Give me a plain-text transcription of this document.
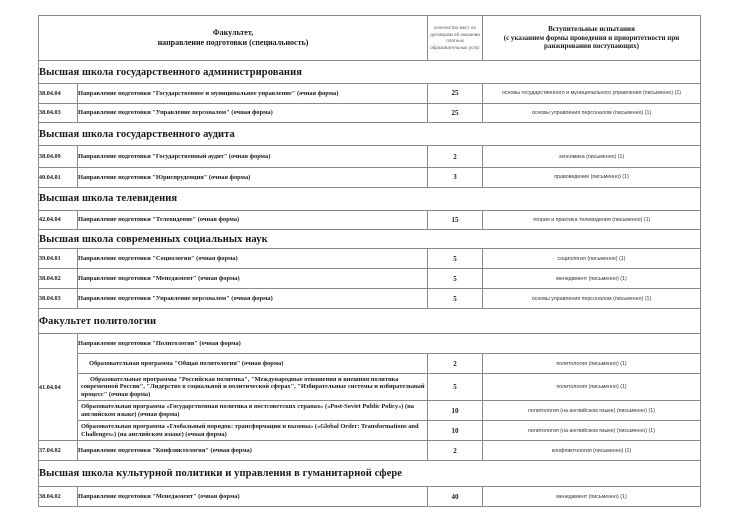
Факультет,
направление подготовки (специальность)		количество мест по договорам об оказании платных образовательных услуг	Вступительные испытания
(с указанием формы проведения и приоритетности при ранжировании поступающих)
Высшая школа государственного администрирования			
38.04.04	Направление подготовки "Государственное и муниципальное управление" (очная форма)	25	основы государственного и муниципального управления (письменно) (1)
38.04.03	Направление подготовки "Управление персоналом" (очная форма)	25	основы управления персоналом (письменно) (1)
Высшая школа государственного аудита			
38.04.09	Направление подготовки "Государственный аудит" (очная форма)	2	экономика (письменно) (1)
40.04.01	Направление подготовки "Юриспруденция" (очная форма)	3	правоведение (письменно) (1)
Высшая школа телевидения			
42.04.04	Направление подготовки "Телевидение" (очная форма)	15	теория и практика телевидения (письменно) (1)
Высшая школа современных социальных наук			
39.04.01	Направление подготовки "Социология" (очная форма)	5	социология (письменно) (1)
38.04.02	Направление подготовки "Менеджмент" (очная форма)	5	менеджмент (письменно) (1)
38.04.03	Направление подготовки "Управление персоналом" (очная форма)	5	основы управления персоналом (письменно) (1)
Факультет политологии			
41.04.04	Направление подготовки "Политология" (очная форма)		
	Образовательная программа "Общая политология" (очная форма)	2	политология (письменно) (1)
	Образовательные программы "Российская политика", "Международные отношения и внешняя политика современной России", "Лидерство в социальной и политической сферах", "Избирательные системы и избирательный процесс" (очная форма)	5	политология (письменно) (1)
	Образовательная программа «Государственная политика в постсоветских странах» («Post-Soviet Public Policy») (на английском языке) (очная форма)	10	политология (на английском языке) (письменно) (1)
	Образовательная программа «Глобальный порядок: трансформации и вызовы» («Global Order: Transformations and Challenges») (на английском языке) (очная форма)	10	политология (на английском языке) (письменно) (1)
37.04.02	Направление подготовки "Конфликтология" (очная форма)	2	конфликтология (письменно) (1)
Высшая школа культурной политики и управления в гуманитарной сфере			
38.04.02	Направление подготовки "Менеджмент" (очная форма)	40	менеджмент (письменно) (1)
